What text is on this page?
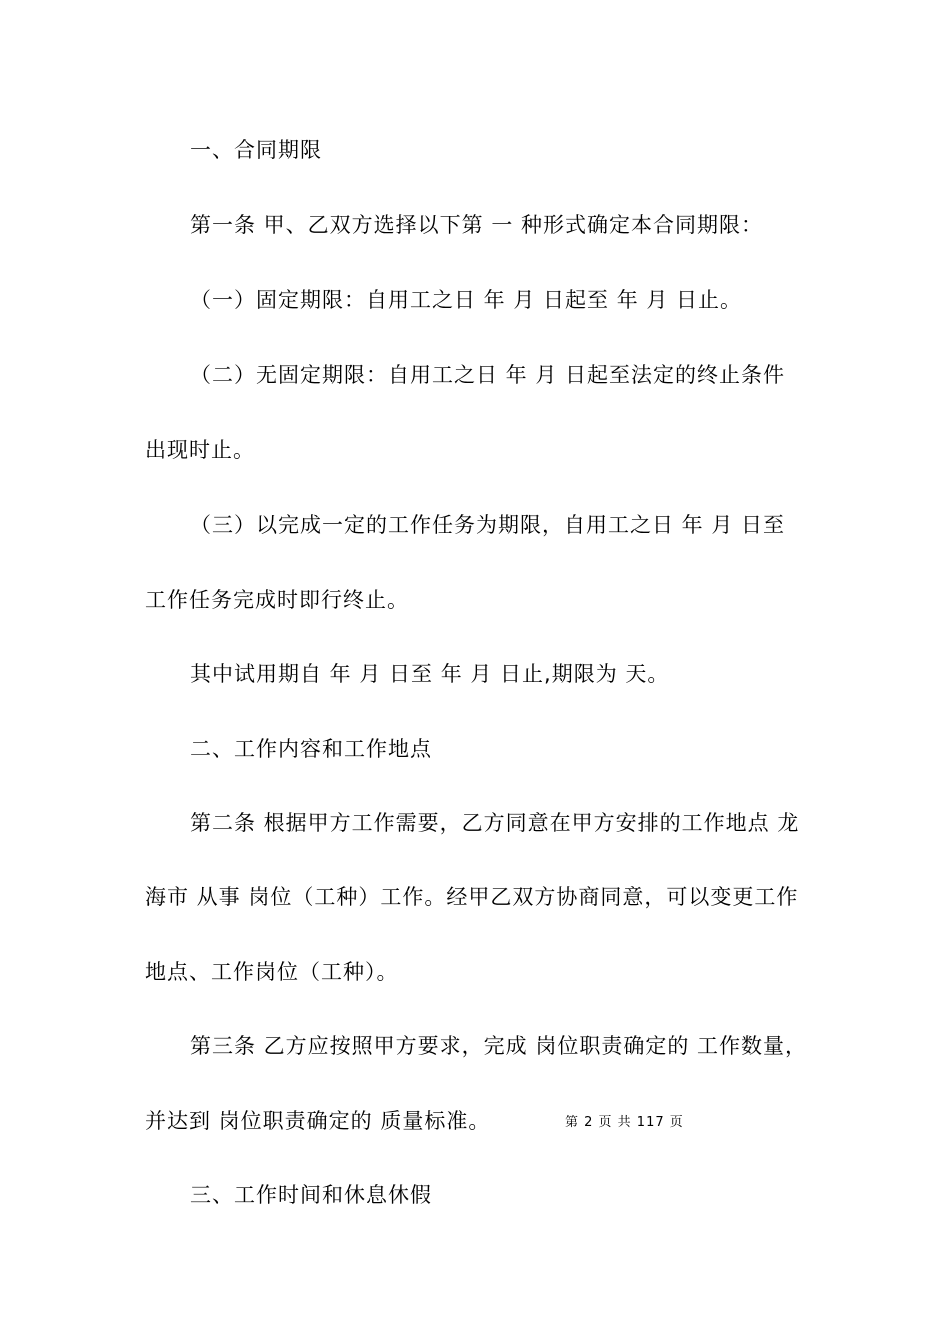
一、合同期限
第一条 甲、乙双方选择以下第 一 种形式确定本合同期限：
（一）固定期限：自用工之日 年 月 日起至 年 月 日止。
（二）无固定期限：自用工之日 年 月 日起至法定的终止条件
出现时止。
（三）以完成一定的工作任务为期限，自用工之日 年 月 日至
工作任务完成时即行终止。
其中试用期自 年 月 日至 年 月 日止,期限为 天。
二、工作内容和工作地点
第二条 根据甲方工作需要，乙方同意在甲方安排的工作地点 龙
海市 从事 岗位（工种）工作。经甲乙双方协商同意，可以变更工作
地点、工作岗位（工种）。
第三条 乙方应按照甲方要求，完成 岗位职责确定的 工作数量，
并达到 岗位职责确定的 质量标准。	第 2 页 共 117 页
三、工作时间和休息休假
